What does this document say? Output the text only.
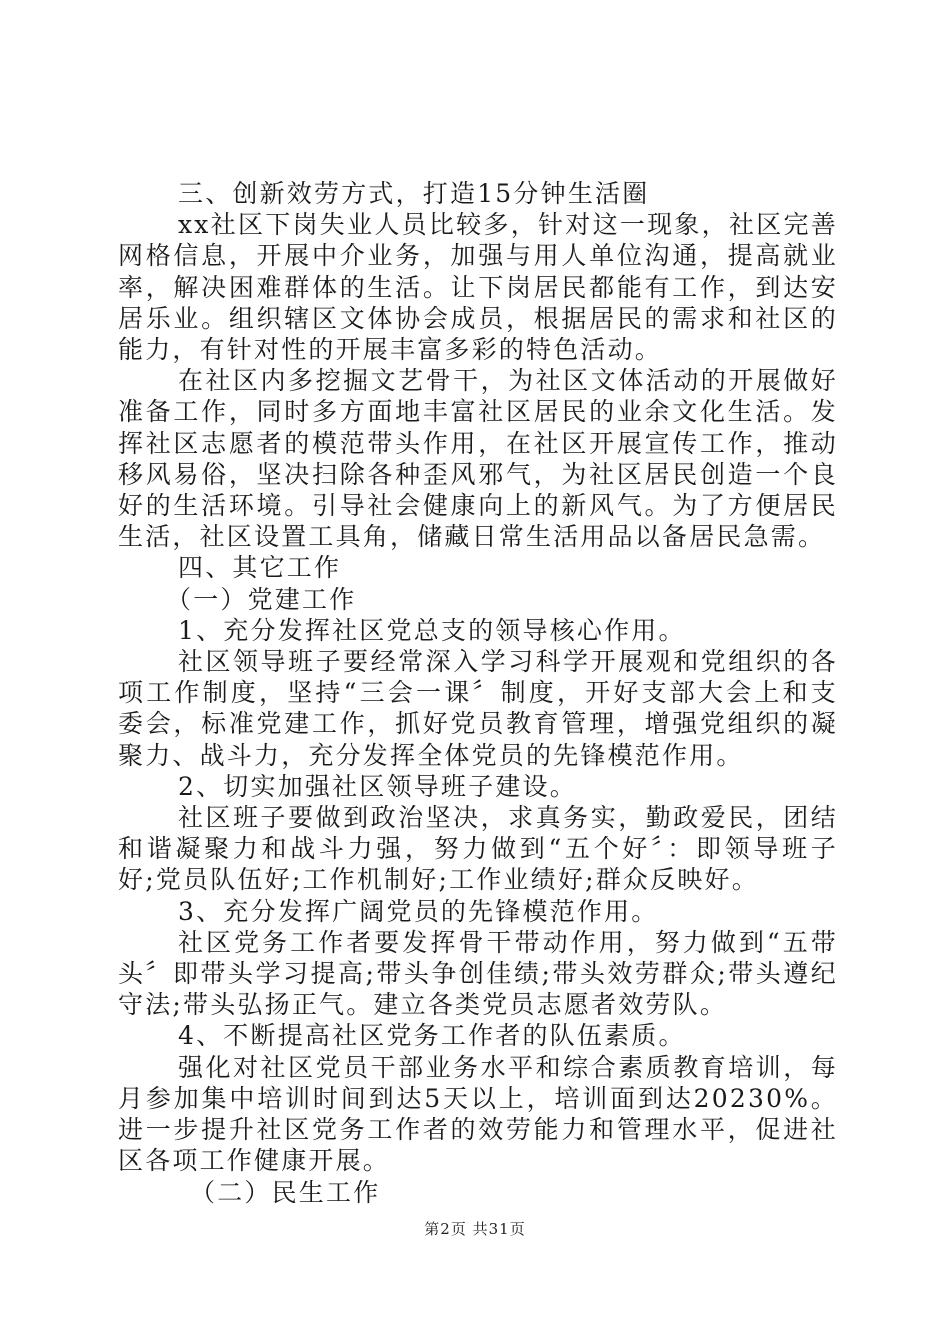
三、创新效劳方式，打造15分钟生活圈

xx社区下岗失业人员比较多，针对这一现象，社区完善网格信息，开展中介业务，加强与用人单位沟通，提高就业率，解决困难群体的生活。让下岗居民都能有工作，到达安居乐业。组织辖区文体协会成员，根据居民的需求和社区的能力，有针对性的开展丰富多彩的特色活动。

在社区内多挖掘文艺骨干，为社区文体活动的开展做好准备工作，同时多方面地丰富社区居民的业余文化生活。发挥社区志愿者的模范带头作用，在社区开展宣传工作，推动移风易俗，坚决扫除各种歪风邪气，为社区居民创造一个良好的生活环境。引导社会健康向上的新风气。为了方便居民生活，社区设置工具角，储藏日常生活用品以备居民急需。

四、其它工作

（一）党建工作

1、充分发挥社区党总支的领导核心作用。

社区领导班子要经常深入学习科学开展观和党组织的各项工作制度，坚持“三会一课〞制度，开好支部大会上和支委会，标准党建工作，抓好党员教育管理，增强党组织的凝聚力、战斗力，充分发挥全体党员的先锋模范作用。

2、切实加强社区领导班子建设。

社区班子要做到政治坚决，求真务实，勤政爱民，团结和谐凝聚力和战斗力强，努力做到“五个好〞：即领导班子好;党员队伍好;工作机制好;工作业绩好;群众反映好。

3、充分发挥广阔党员的先锋模范作用。

社区党务工作者要发挥骨干带动作用，努力做到“五带头〞即带头学习提高;带头争创佳绩;带头效劳群众;带头遵纪守法;带头弘扬正气。建立各类党员志愿者效劳队。

4、不断提高社区党务工作者的队伍素质。

强化对社区党员干部业务水平和综合素质教育培训，每月参加集中培训时间到达5天以上，培训面到达20230%。进一步提升社区党务工作者的效劳能力和管理水平，促进社区各项工作健康开展。

（二）民生工作

第2页 共31页
